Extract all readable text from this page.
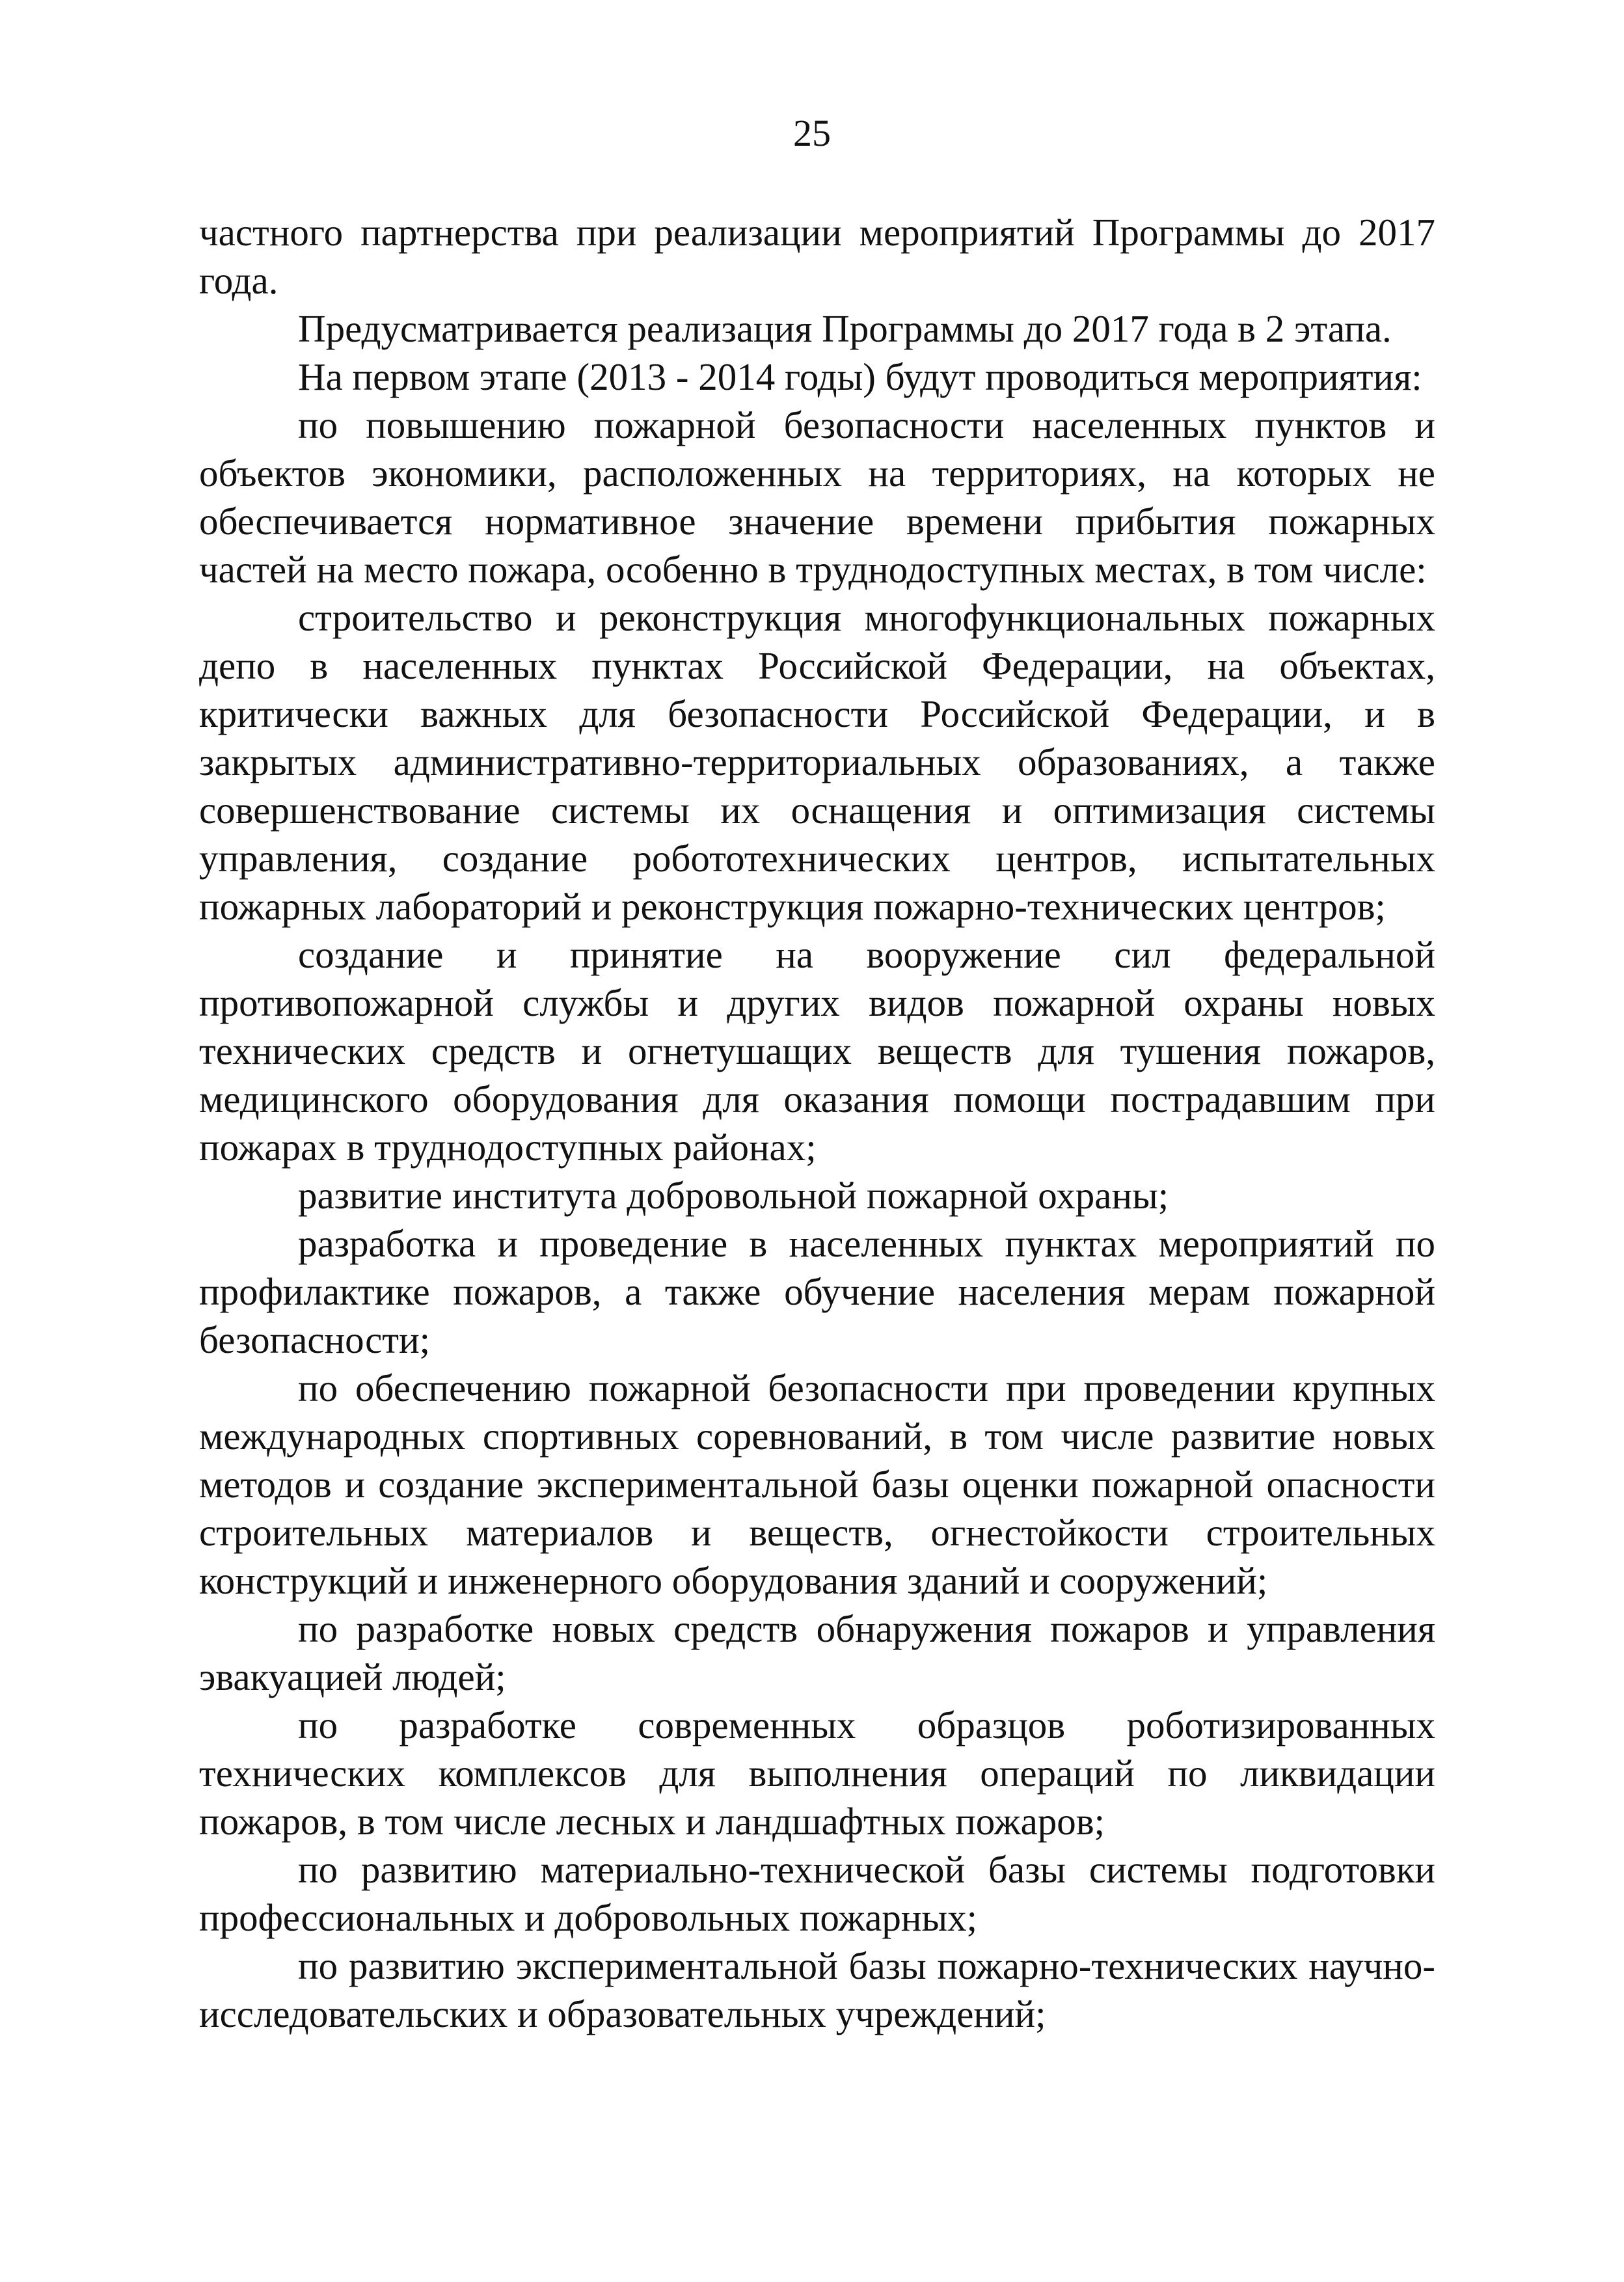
25

частного партнерства при реализации мероприятий Программы до 2017 года.

Предусматривается реализация Программы до 2017 года в 2 этапа.

На первом этапе (2013 - 2014 годы) будут проводиться мероприятия:

по повышению пожарной безопасности населенных пунктов и объектов экономики, расположенных на территориях, на которых не обеспечивается нормативное значение времени прибытия пожарных частей на место пожара, особенно в труднодоступных местах, в том числе:

строительство и реконструкция многофункциональных пожарных депо в населенных пунктах Российской Федерации, на объектах, критически важных для безопасности Российской Федерации, и в закрытых административно-территориальных образованиях, а также совершенствование системы их оснащения и оптимизация системы управления, создание робототехнических центров, испытательных пожарных лабораторий и реконструкция пожарно-технических центров;

создание и принятие на вооружение сил федеральной противопожарной службы и других видов пожарной охраны новых технических средств и огнетушащих веществ для тушения пожаров, медицинского оборудования для оказания помощи пострадавшим при пожарах в труднодоступных районах;

развитие института добровольной пожарной охраны;

разработка и проведение в населенных пунктах мероприятий по профилактике пожаров, а также обучение населения мерам пожарной безопасности;

по обеспечению пожарной безопасности при проведении крупных международных спортивных соревнований, в том числе развитие новых методов и создание экспериментальной базы оценки пожарной опасности строительных материалов и веществ, огнестойкости строительных конструкций и инженерного оборудования зданий и сооружений;

по разработке новых средств обнаружения пожаров и управления эвакуацией людей;

по разработке современных образцов роботизированных технических комплексов для выполнения операций по ликвидации пожаров, в том числе лесных и ландшафтных пожаров;

по развитию материально-технической базы системы подготовки профессиональных и добровольных пожарных;

по развитию экспериментальной базы пожарно-технических научно-исследовательских и образовательных учреждений;
